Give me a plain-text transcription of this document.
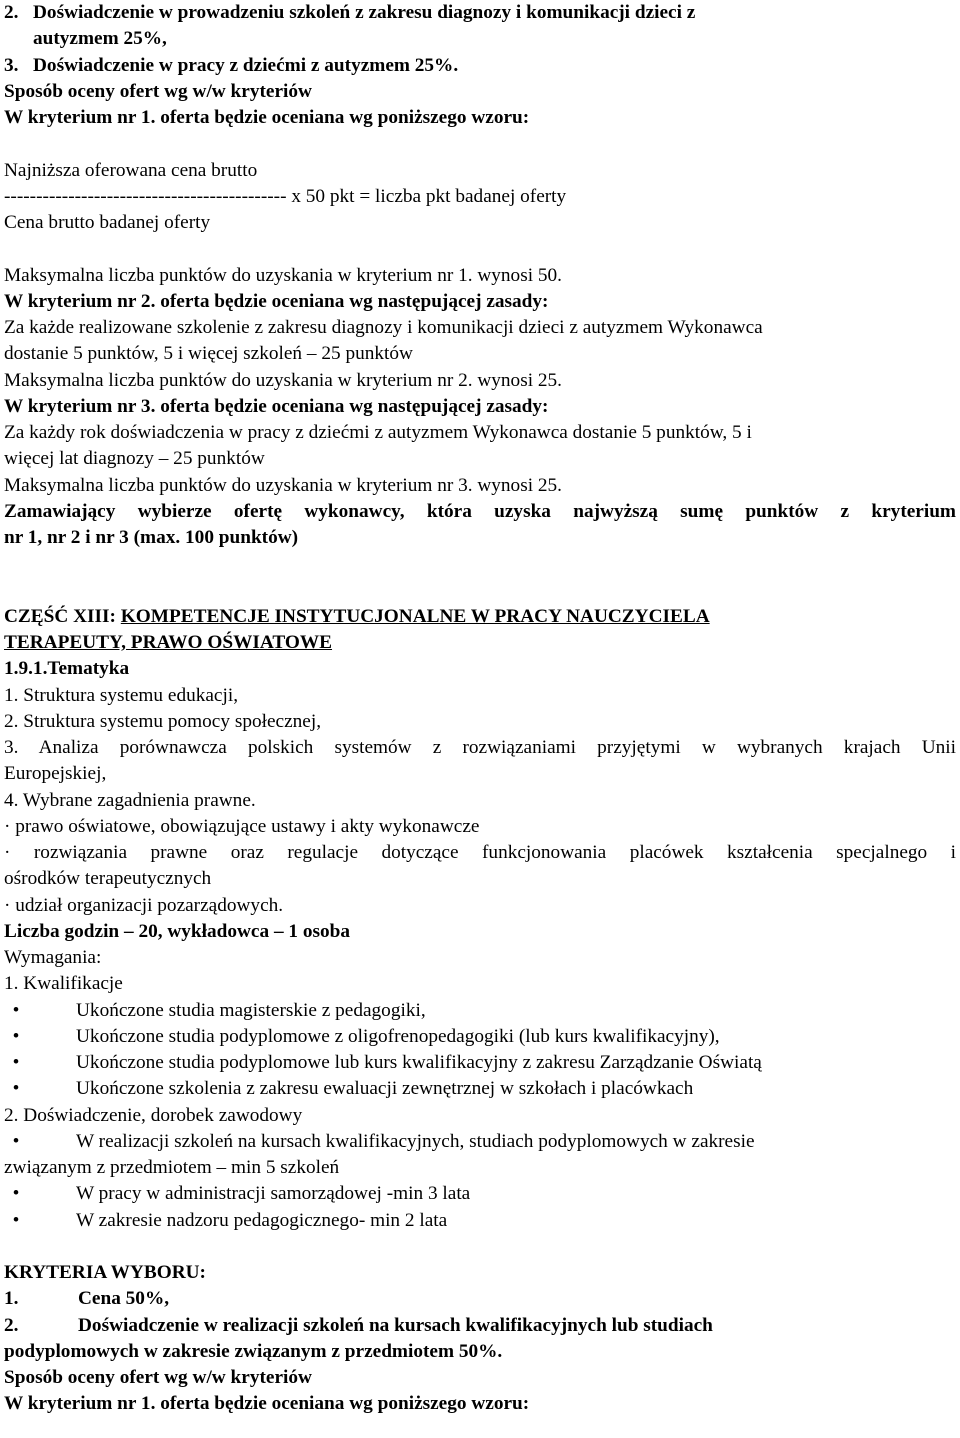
2. Doświadczenie w prowadzeniu szkoleń z zakresu diagnozy i komunikacji dzieci z
autyzmem 25%,
3. Doświadczenie w pracy z dziećmi z autyzmem 25%.
Sposób oceny ofert wg w/w kryteriów
W kryterium nr 1. oferta będzie oceniana wg poniższego wzoru:
Najniższa oferowana cena brutto
-------------------------------------------- x 50 pkt = liczba pkt badanej oferty
Cena brutto badanej oferty
Maksymalna liczba punktów do uzyskania w kryterium nr 1. wynosi 50.
W kryterium nr 2. oferta będzie oceniana wg następującej zasady:
Za każde realizowane szkolenie z zakresu diagnozy i komunikacji dzieci z autyzmem Wykonawca
dostanie 5 punktów, 5 i więcej szkoleń – 25 punktów
Maksymalna liczba punktów do uzyskania w kryterium nr 2. wynosi 25.
W kryterium nr 3. oferta będzie oceniana wg następującej zasady:
Za każdy rok doświadczenia w pracy z dziećmi z autyzmem Wykonawca dostanie 5 punktów, 5 i
więcej lat diagnozy – 25 punktów
Maksymalna liczba punktów do uzyskania w kryterium nr 3. wynosi 25.
Zamawiający wybierze ofertę wykonawcy, która uzyska najwyższą sumę punktów z kryterium
nr 1, nr 2 i nr 3 (max. 100 punktów)
CZĘŚĆ XIII: KOMPETENCJE INSTYTUCJONALNE W PRACY NAUCZYCIELA
TERAPEUTY, PRAWO OŚWIATOWE
1.9.1.Tematyka
1. Struktura systemu edukacji,
2. Struktura systemu pomocy społecznej,
3. Analiza porównawcza polskich systemów z rozwiązaniami przyjętymi w wybranych krajach Unii
Europejskiej,
4. Wybrane zagadnienia prawne.
· prawo oświatowe, obowiązujące ustawy i akty wykonawcze
· rozwiązania prawne oraz regulacje dotyczące funkcjonowania placówek kształcenia specjalnego i
ośrodków terapeutycznych
· udział organizacji pozarządowych.
Liczba godzin – 20, wykładowca – 1 osoba
Wymagania:
1. Kwalifikacje
•	Ukończone studia magisterskie z pedagogiki,
•	Ukończone studia podyplomowe z oligofrenopedagogiki (lub kurs kwalifikacyjny),
•	Ukończone studia podyplomowe lub kurs kwalifikacyjny z zakresu Zarządzanie Oświatą
•	Ukończone szkolenia z zakresu ewaluacji zewnętrznej w szkołach i placówkach
2. Doświadczenie, dorobek zawodowy
•	W realizacji szkoleń na kursach kwalifikacyjnych, studiach podyplomowych w zakresie
związanym z przedmiotem – min 5 szkoleń
•	W pracy w administracji samorządowej -min 3 lata
•	W zakresie nadzoru pedagogicznego- min 2 lata
KRYTERIA WYBORU:
1.	Cena 50%,
2.	Doświadczenie w realizacji szkoleń na kursach kwalifikacyjnych lub studiach
podyplomowych w zakresie związanym z przedmiotem 50%.
Sposób oceny ofert wg w/w kryteriów
W kryterium nr 1. oferta będzie oceniana wg poniższego wzoru:
